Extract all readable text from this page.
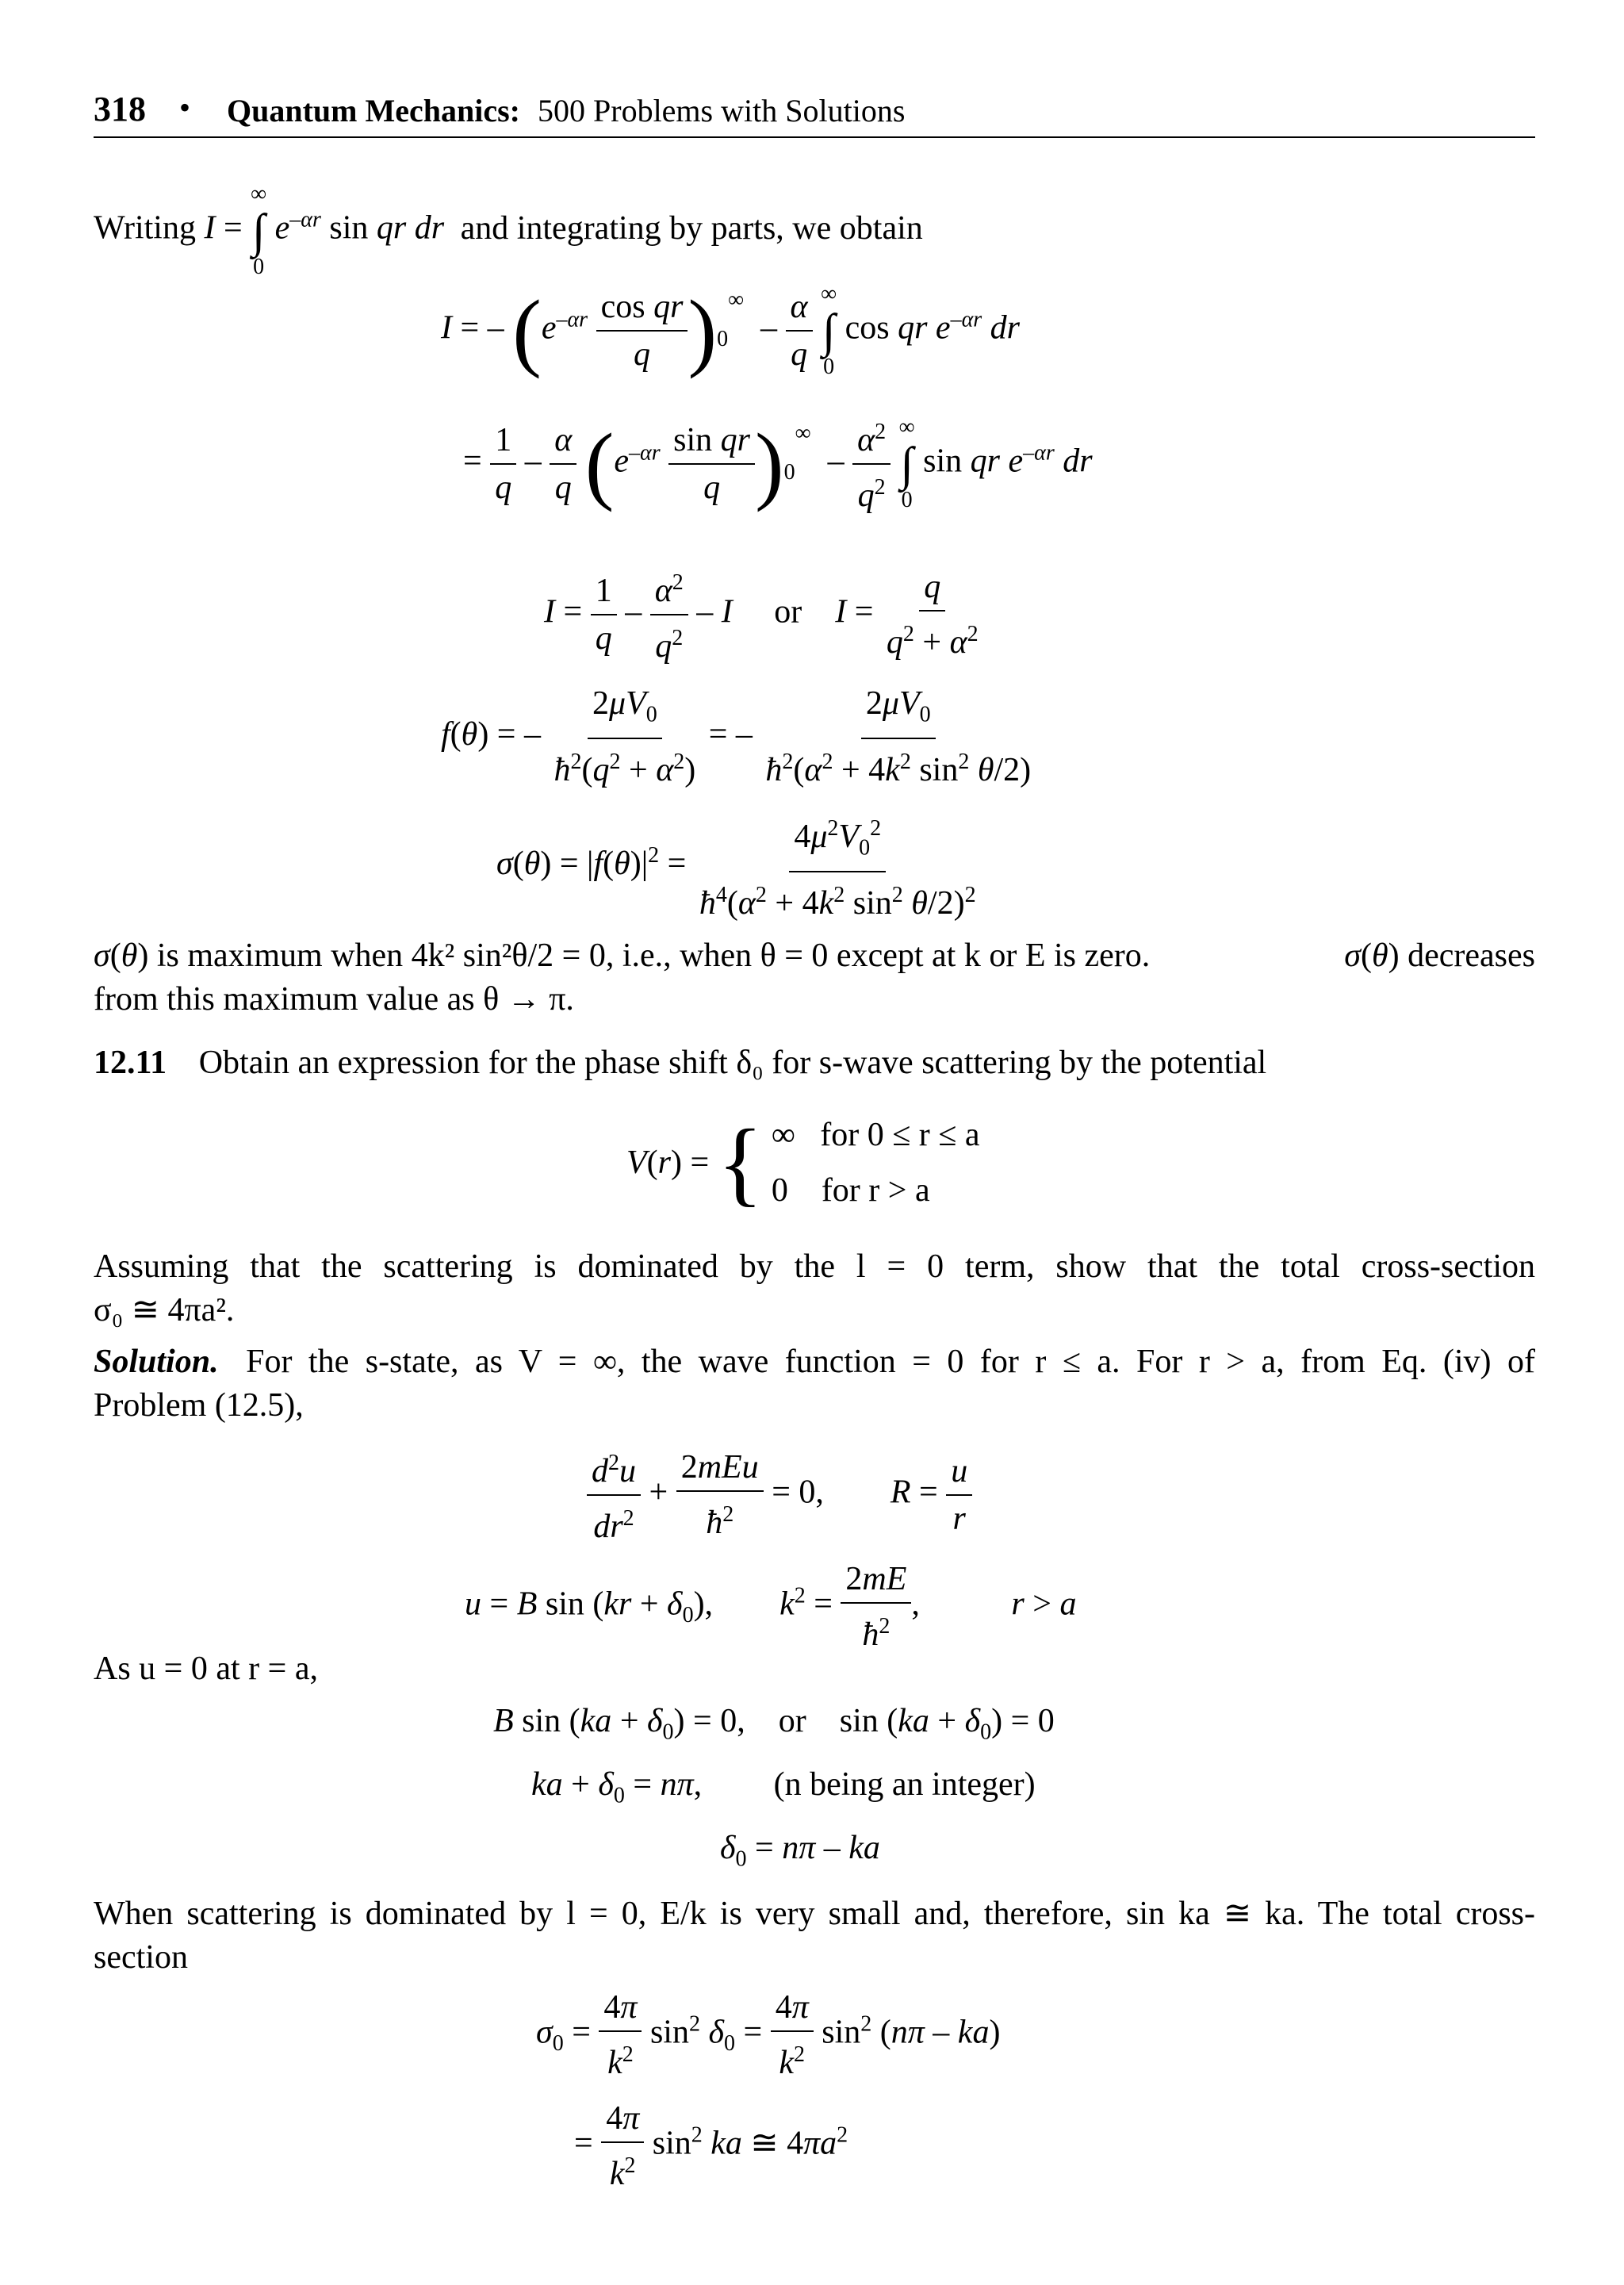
318 • Quantum Mechanics: 500 Problems with Solutions
Writing I =
∞
∫
0
$e^{-\alpha r}$ sin qr dr and integrating by parts, we obtain
I = – $(e^{-\alpha r} \frac{\text{cos qr}}{q} )_0^\infty - \frac{\alpha}{q}$
∞
∫
0
cos qr $e^{-\alpha r}$ dr
= $\frac{1}{q} - \frac{\alpha}{q} (e^{-\alpha r} \frac{\text{sin qr}}{q} )_0^\infty - \frac{\alpha^2}{q^2}$
∞
∫
0
sin qr $e^{-\alpha r}$ dr
$I = \frac{1}{q} - \frac{\alpha^2}{q^2} - I$     or    $I = \frac{q}{q^2 + \alpha^2}$
f(θ) = – $\frac{2\mu V_0}{ħ^2(q^2 + \alpha^2)}$ = – $\frac{2\mu V_0}{ħ^2(\alpha^2 + 4k^2 \sin^2 \theta/2)}$
$\sigma(\theta) = |f(\theta)|^2 = \frac{4\mu^2V_0^2}{ħ^4(\alpha^2 + 4k^2 \sin^2 \theta/2)^2}$
σ(θ) is maximum when 4k² sin²θ/2 = 0, i.e., when θ = 0 except at k or E is zero.	σ(θ) decreases
from this maximum value as θ → π.
12.11 Obtain an expression for the phase shift δ₀ for s-wave scattering by the potential
V(r) = { ∞   for 0 ≤ r ≤ a
0    for r > a
Assuming that the scattering is dominated by the l = 0 term, show that the total cross-section
σ₀ ≅ 4πa².
Solution. For the s-state, as V = ∞, the wave function = 0 for r ≤ a. For r > a, from Eq. (iv) of
Problem (12.5),
$\frac{d^2u}{dr^2} + \frac{\text{2mEu}}{ħ^2} = 0$,        $R = \frac{u}{r}$
u = B $\sin (kr + \delta_0)$,        $k^2 = \frac{2mE}{ħ^2}$ ,           r > a
As u = 0 at r = a,
B $\sin (ka + \delta_0) = 0$,    or    $\sin (ka + \delta_0) = 0$
ka + $\delta_0 = n\pi$, (n being an integer)
$\delta_0 = n\pi$ – ka
When scattering is dominated by l = 0, E/k is very small and, therefore, sin ka ≅ ka. The total cross-
section
$\sigma_0 = \frac{4\pi}{k^2} \sin^2 \delta_0 = \frac{4\pi}{k^2} \sin^2 (n\pi - ka)$
= $\frac{4\pi}{k^2} \sin^2$ ka ≅ $4\pi a^2$
